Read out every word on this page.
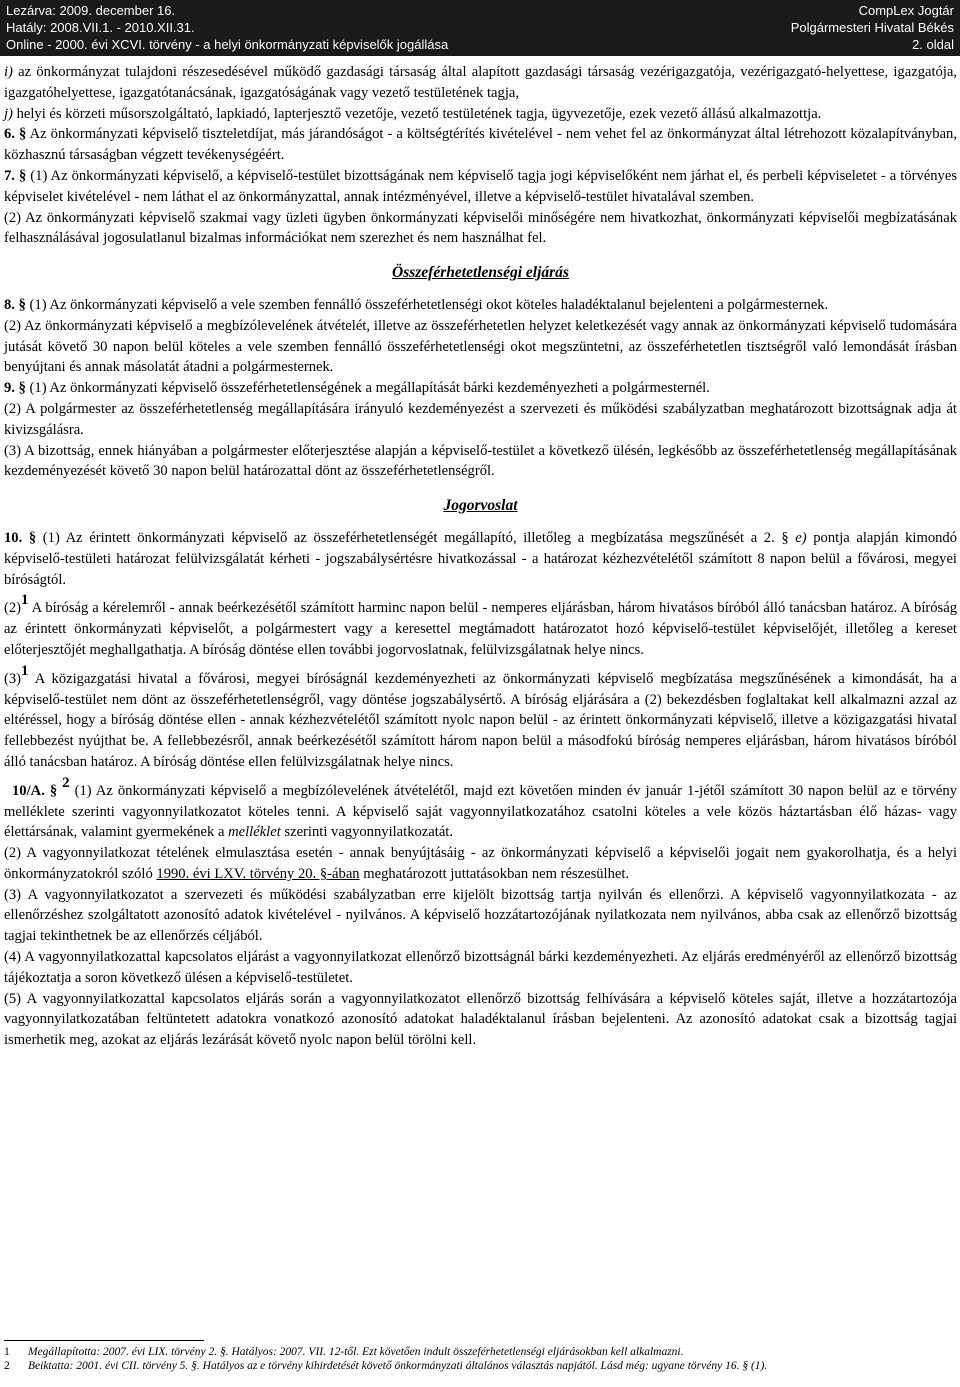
Lezárva: 2009. december 16.
Hatály: 2008.VII.1. - 2010.XII.31.
Online - 2000. évi XCVI. törvény - a helyi önkormányzati képviselők jogállása
CompLex Jogtár
Polgármesteri Hivatal Békés
2. oldal

i) az önkormányzat tulajdoni részesedésével működő gazdasági társaság által alapított gazdasági társaság vezérigazgatója, vezérigazgató-helyettese, igazgatója, igazgatóhelyettese, igazgatótanácsának, igazgatóságának vagy vezető testületének tagja,

j) helyi és körzeti műsorszolgáltató, lapkiadó, lapterjesztő vezetője, vezető testületének tagja, ügyvezetője, ezek vezető állású alkalmazottja.

6. § Az önkormányzati képviselő tiszteletdíjat, más járandóságot - a költségtérítés kivételével - nem vehet fel az önkormányzat által létrehozott közalapítványban, közhasznú társaságban végzett tevékenységéért.

7. § (1) Az önkormányzati képviselő, a képviselő-testület bizottságának nem képviselő tagja jogi képviselőként nem járhat el, és perbeli képviseletet - a törvényes képviselet kivételével - nem láthat el az önkormányzattal, annak intézményével, illetve a képviselő-testület hivatalával szemben.

(2) Az önkormányzati képviselő szakmai vagy üzleti ügyben önkormányzati képviselői minőségére nem hivatkozhat, önkormányzati képviselői megbízatásának felhasználásával jogosulatlanul bizalmas információkat nem szerezhet és nem használhat fel.

Összeférhetetlenségi eljárás

8. § (1) Az önkormányzati képviselő a vele szemben fennálló összeférhetetlenségi okot köteles haladéktalanul bejelenteni a polgármesternek.

(2) Az önkormányzati képviselő a megbízólevelének átvételét, illetve az összeférhetetlen helyzet keletkezését vagy annak az önkormányzati képviselő tudomására jutását követő 30 napon belül köteles a vele szemben fennálló összeférhetetlenségi okot megszüntetni, az összeférhetetlen tisztségről való lemondását írásban benyújtani és annak másolatát átadni a polgármesternek.

9. § (1) Az önkormányzati képviselő összeférhetetlenségének a megállapítását bárki kezdeményezheti a polgármesternél.

(2) A polgármester az összeférhetetlenség megállapítására irányuló kezdeményezést a szervezeti és működési szabályzatban meghatározott bizottságnak adja át kivizsgálásra.

(3) A bizottság, ennek hiányában a polgármester előterjesztése alapján a képviselő-testület a következő ülésén, legkésőbb az összeférhetetlenség megállapításának kezdeményezését követő 30 napon belül határozattal dönt az összeférhetetlenségről.

Jogorvoslat

10. § (1) Az érintett önkormányzati képviselő az összeférhetetlenségét megállapító, illetőleg a megbízatása megszűnését a 2. § e) pontja alapján kimondó képviselő-testületi határozat felülvizsgálatát kérheti - jogszabálysértésre hivatkozással - a határozat kézhezvételétől számított 8 napon belül a fővárosi, megyei bíróságtól.

(2)$^1$ A bíróság a kérelemről - annak beérkezésétől számított harminc napon belül - nemperes eljárásban, három hivatásos bíróból álló tanácsban határoz. A bíróság az érintett önkormányzati képviselőt, a polgármestert vagy a keresettel megtámadott határozatot hozó képviselő-testület képviselőjét, illetőleg a kereset előterjesztőjét meghallgathatja. A bíróság döntése ellen további jogorvoslatnak, felülvizsgálatnak helye nincs.

(3)$^1$ A közigazgatási hivatal a fővárosi, megyei bíróságnál kezdeményezheti az önkormányzati képviselő megbízatása megszűnésének a kimondását, ha a képviselő-testület nem dönt az összeférhetetlenségről, vagy döntése jogszabálysértő. A bíróság eljárására a (2) bekezdésben foglaltakat kell alkalmazni azzal az eltéréssel, hogy a bíróság döntése ellen - annak kézhezvételétől számított nyolc napon belül - az érintett önkormányzati képviselő, illetve a közigazgatási hivatal fellebbezést nyújthat be. A fellebbezésről, annak beérkezésétől számított három napon belül a másodfokú bíróság nemperes eljárásban, három hivatásos bíróból álló tanácsban határoz. A bíróság döntése ellen felülvizsgálatnak helye nincs.

10/A. § $^2$ (1) Az önkormányzati képviselő a megbízólevelének átvételétől, majd ezt követően minden év január 1-jétől számított 30 napon belül az e törvény melléklete szerinti vagyonnyilatkozatot köteles tenni. A képviselő saját vagyonnyilatkozatához csatolni köteles a vele közös háztartásban élő házas- vagy élettársának, valamint gyermekének a melléklet szerinti vagyonnyilatkozatát.

(2) A vagyonnyilatkozat tételének elmulasztása esetén - annak benyújtásáig - az önkormányzati képviselő a képviselői jogait nem gyakorolhatja, és a helyi önkormányzatokról szóló 1990. évi LXV. törvény 20. §-ában meghatározott juttatásokban nem részesülhet.

(3) A vagyonnyilatkozatot a szervezeti és működési szabályzatban erre kijelölt bizottság tartja nyilván és ellenőrzi. A képviselő vagyonnyilatkozata - az ellenőrzéshez szolgáltatott azonosító adatok kivételével - nyilvános. A képviselő hozzátartozójának nyilatkozata nem nyilvános, abba csak az ellenőrző bizottság tagjai tekinthetnek be az ellenőrzés céljából.

(4) A vagyonnyilatkozattal kapcsolatos eljárást a vagyonnyilatkozat ellenőrző bizottságnál bárki kezdeményezheti. Az eljárás eredményéről az ellenőrző bizottság tájékoztatja a soron következő ülésen a képviselő-testületet.

(5) A vagyonnyilatkozattal kapcsolatos eljárás során a vagyonnyilatkozatot ellenőrző bizottság felhívására a képviselő köteles saját, illetve a hozzátartozója vagyonnyilatkozatában feltüntetett adatokra vonatkozó azonosító adatokat haladéktalanul írásban bejelenteni. Az azonosító adatokat csak a bizottság tagjai ismerhetik meg, azokat az eljárás lezárását követő nyolc napon belül törölni kell.

1	Megállapította: 2007. évi LIX. törvény 2. §. Hatályos: 2007. VII. 12-től. Ezt követően indult összeférhetetlenségi eljárásokban kell alkalmazni.
2	Beiktatta: 2001. évi CII. törvény 5. §. Hatályos az e törvény kihirdetését követő önkormányzati általános választás napjától. Lásd még: ugyane törvény 16. § (1).
